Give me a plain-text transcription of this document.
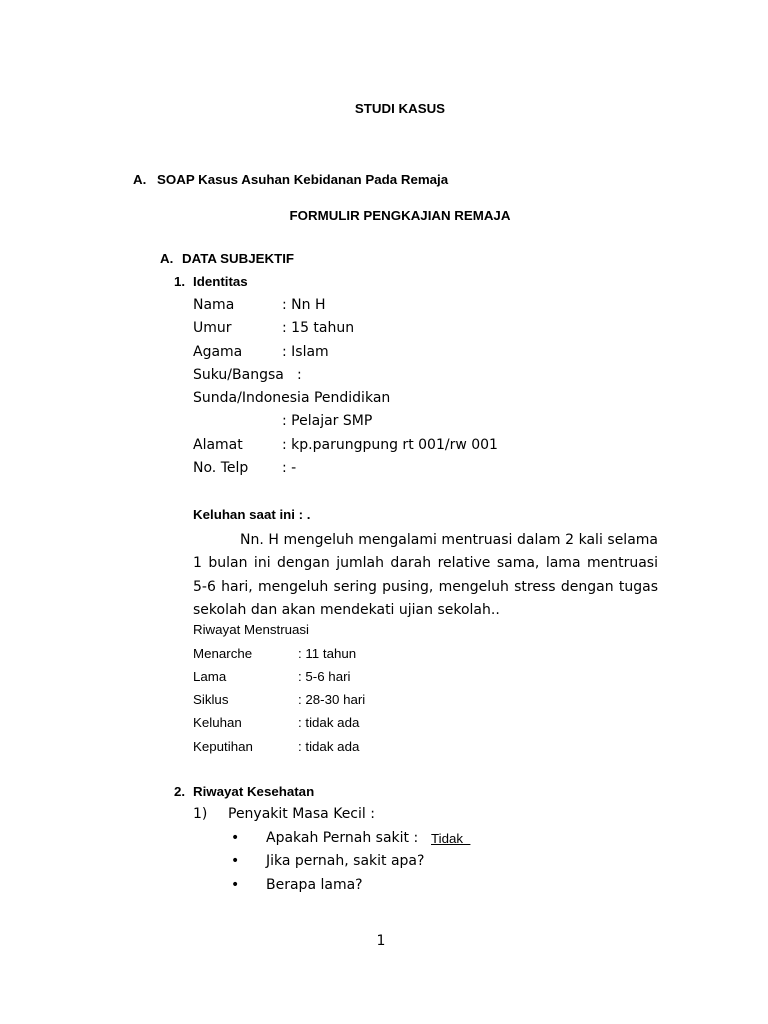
STUDI KASUS
A. SOAP Kasus Asuhan Kebidanan Pada Remaja
FORMULIR PENGKAJIAN REMAJA
A. DATA SUBJEKTIF
1. Identitas
Nama	: Nn H
Umur	: 15 tahun
Agama	: Islam
Suku/Bangsa :
Sunda/Indonesia Pendidikan
: Pelajar SMP
Alamat	: kp.parungpung rt 001/rw 001
No. Telp : -
Keluhan saat ini : .
Nn. H mengeluh mengalami mentruasi dalam 2 kali selama 1 bulan ini dengan jumlah darah relative sama, lama mentruasi 5-6 hari, mengeluh sering pusing, mengeluh stress dengan tugas sekolah dan akan mendekati ujian sekolah..
Riwayat Menstruasi
Menarche	: 11 tahun
Lama	: 5-6 hari
Siklus	: 28-30 hari
Keluhan	: tidak ada
Keputihan	: tidak ada
2. Riwayat Kesehatan
1) Penyakit Masa Kecil :
• Apakah Pernah sakit : Tidak
• Jika pernah, sakit apa?
• Berapa lama?
1
